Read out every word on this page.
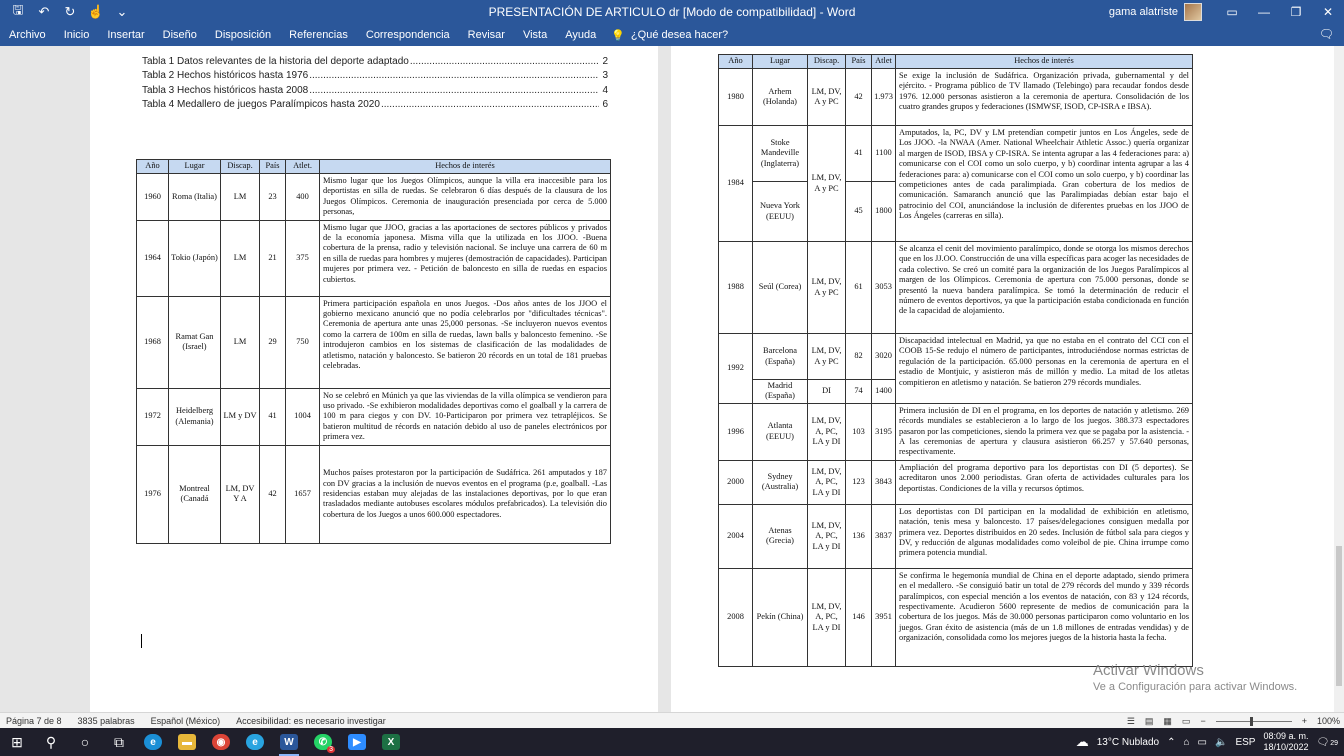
🖫	↶	↻ ☝ ⌄	PRESENTACIÓN DE ARTICULO dr [Modo de compatibilidad] - Word	gama alatriste	▭	—	❐	✕
Archivo	Inicio	Insertar	Diseño	Disposición	Referencias	Correspondencia	Revisar	Vista	Ayuda	💡 ¿Qué desea hacer?	🗨
Tabla 1 Datos relevantes de la historia del deporte adaptado .....	2
Tabla 2 Hechos históricos hasta 1976 .....	3
Tabla 3 Hechos históricos hasta 2008 .....	4
Tabla 4 Medallero de juegos Paralímpicos hasta 2020 .....	6
Año	Lugar	Discap.	País	Atlet.	Hechos de interés
1960	Roma (Italia)	LM	23	400	Mismo lugar que los Juegos Olímpicos, aunque la villa era inaccesible para los deportistas en silla de ruedas. Se celebraron 6 días después de la clausura de los Juegos Olímpicos. Ceremonia de inauguración presenciada por cerca de 5.000 personas,
1964	Tokio (Japón)	LM	21	375	Mismo lugar que JJOO, gracias a las aportaciones de sectores públicos y privados de la economía japonesa. Misma villa que la utilizada en los JJOO. -Buena cobertura de la prensa, radio y televisión nacional. Se incluye una carrera de 60 m en silla de ruedas para hombres y mujeres (demostración de capacidades). Participan mujeres por primera vez. - Petición de baloncesto en silla de ruedas en espacios cubiertos.
1968	Ramat Gan (Israel)	LM	29	750	Primera participación española en unos Juegos. -Dos años antes de los JJOO el gobierno mexicano anunció que no podía celebrarlos por "dificultades técnicas". Ceremonia de apertura ante unas 25,000 personas. -Se incluyeron nuevos eventos como la carrera de 100m en silla de ruedas, lawn balls y baloncesto femenino. -Se introdujeron cambios en los sistemas de clasificación de las modalidades de atletismo, natación y baloncesto. Se batieron 20 récords en un total de 181 pruebas celebradas.
1972	Heidelberg (Alemania)	LM y DV	41	1004	No se celebró en Múnich ya que las viviendas de la villa olímpica se vendieron para uso privado. -Se exhibieron modalidades deportivas como el goalball y la carrera de 100 m para ciegos y con DV. 10-Participaron por primera vez tetrapléjicos. Se batieron multitud de récords en natación debido al uso de paneles electrónicos por primera vez.
1976	Montreal (Canadá	LM, DV Y A	42	1657	Muchos países protestaron por la participación de Sudáfrica. 261 amputados y 187 con DV gracias a la inclusión de nuevos eventos en el programa (p.e, goalball. -Las residencias estaban muy alejadas de las instalaciones deportivas, por lo que eran trasladados mediante autobuses escolares módulos prefabricados). La televisión dio cobertura de los Juegos a unos 600.000 espectadores.
Año	Lugar	Discap.	País	Atlet	Hechos de interés
1980	Arhem (Holanda)	LM, DV, A y PC	42	1.973	Se exige la inclusión de Sudáfrica. Organización privada, gubernamental y del ejército. - Programa público de TV llamado (Telebingo) para recaudar fondos desde 1976. 12.000 personas asistieron a la ceremonia de apertura. Consolidación de los cuatro grandes grupos y federaciones (ISMWSF, ISOD, CP-ISRA e IBSA).
1984	Stoke Mandeville (Inglaterra)	LM, DV, A y PC	41	1100	Amputados, la, PC, DV y LM pretendían competir juntos en Los Ángeles, sede de Los JJOO. -la NWAA (Amer. National Wheelchair Athletic Assoc.) quería organizar al margen de ISOD, IBSA y CP-ISRA. Se intenta agrupar a las 4 federaciones para: a) comunicarse con el COI como un solo cuerpo, y b) coordinar intenta agrupar a las 4 federaciones para: a) comunicarse con el COI como un solo cuerpo, y b) coordinar las competiciones antes de cada paralimpiada. Gran cobertura de los medios de comunicación. Samaranch anunció que las Paralimpiadas debían estar bajo el patrocinio del COI, anunciándose la inclusión de diferentes pruebas en los JJOO de Los Ángeles (carreras en silla).
	Nueva York (EEUU)		45	1800	
1988	Seúl (Corea)	LM, DV, A y PC	61	3053	Se alcanza el cenit del movimiento paralímpico, donde se otorga los mismos derechos que en los JJ.OO. Construcción de una villa específicas para acoger las necesidades de cada colectivo. Se creó un comité para la organización de los Juegos Paralímpicos al margen de los Olímpicos. Ceremonia de apertura con 75.000 personas, donde se presentó la nueva bandera paralímpica. Se tomó la determinación de reducir el número de eventos deportivos, ya que la participación estaba condicionada en función de la capacidad de alojamiento.
1992	Barcelona (España)	LM, DV, A y PC	82	3020	Discapacidad intelectual en Madrid, ya que no estaba en el contrato del CCI con el COOB 15-Se redujo el número de participantes, introduciéndose normas estrictas de regulación de la participación. 65.000 personas en la ceremonia de apertura en el estadio de Montjuic, y asistieron más de millón y medio. La mitad de los atletas compitieron en atletismo y natación. Se batieron 279 récords mundiales.
	Madrid (España)	DI	74	1400	
1996	Atlanta (EEUU)	LM, DV, A, PC, LA y DI	103	3195	Primera inclusión de DI en el programa, en los deportes de natación y atletismo. 269 récords mundiales se establecieron a lo largo de los juegos. 388.373 espectadores pasaron por las competiciones, siendo la primera vez que se pagaba por la asistencia. - A las ceremonias de apertura y clausura asistieron 66.257 y 57.640 personas, respectivamente.
2000	Sydney (Australia)	LM, DV, A, PC, LA y DI	123	3843	Ampliación del programa deportivo para los deportistas con DI (5 deportes). Se acreditaron unos 2.000 periodistas. Gran oferta de actividades culturales para los deportistas. Condiciones de la villa y recursos óptimos.
2004	Atenas (Grecia)	LM, DV, A, PC, LA y DI	136	3837	Los deportistas con DI participan en la modalidad de exhibición en atletismo, natación, tenis mesa y baloncesto. 17 países/delegaciones consiguen medalla por primera vez. Deportes distribuidos en 20 sedes. Inclusión de fútbol sala para ciegos y DV, y reducción de algunas modalidades como voleibol de pie. China irrumpe como primera potencia mundial.
2008	Pekín (China)	LM, DV, A, PC, LA y DI	146	3951	Se confirma le hegemonía mundial de China en el deporte adaptado, siendo primera en el medallero. -Se consiguió batir un total de 279 récords del mundo y 339 récords paralímpicos, con especial mención a los eventos de natación, con 83 y 124 récords, respectivamente. Acudieron 5600 represente de medios de comunicación para la cobertura de los juegos. Más de 30.000 personas participaron como voluntario en los juegos. Gran éxito de asistencia (más de un 1.8 millones de entradas vendidas) y de organización, consolidada como los mejores juegos de la historia hasta la fecha.
Activar Windows
Ve a Configuración para activar Windows.
Página 7 de 8 3835 palabras Español (México) Accesibilidad: es necesario investigar	☰ ▤ ▦ ▭ −	+ 100%
⊞	⚲	○	⧉	e	▬	◉	e	W	✆
3
▶	X	☁ 13°C Nublado ⌃ ⌂ ▭ 🔈 ESP
08:09 a. m.
18/10/2022 🗨29
